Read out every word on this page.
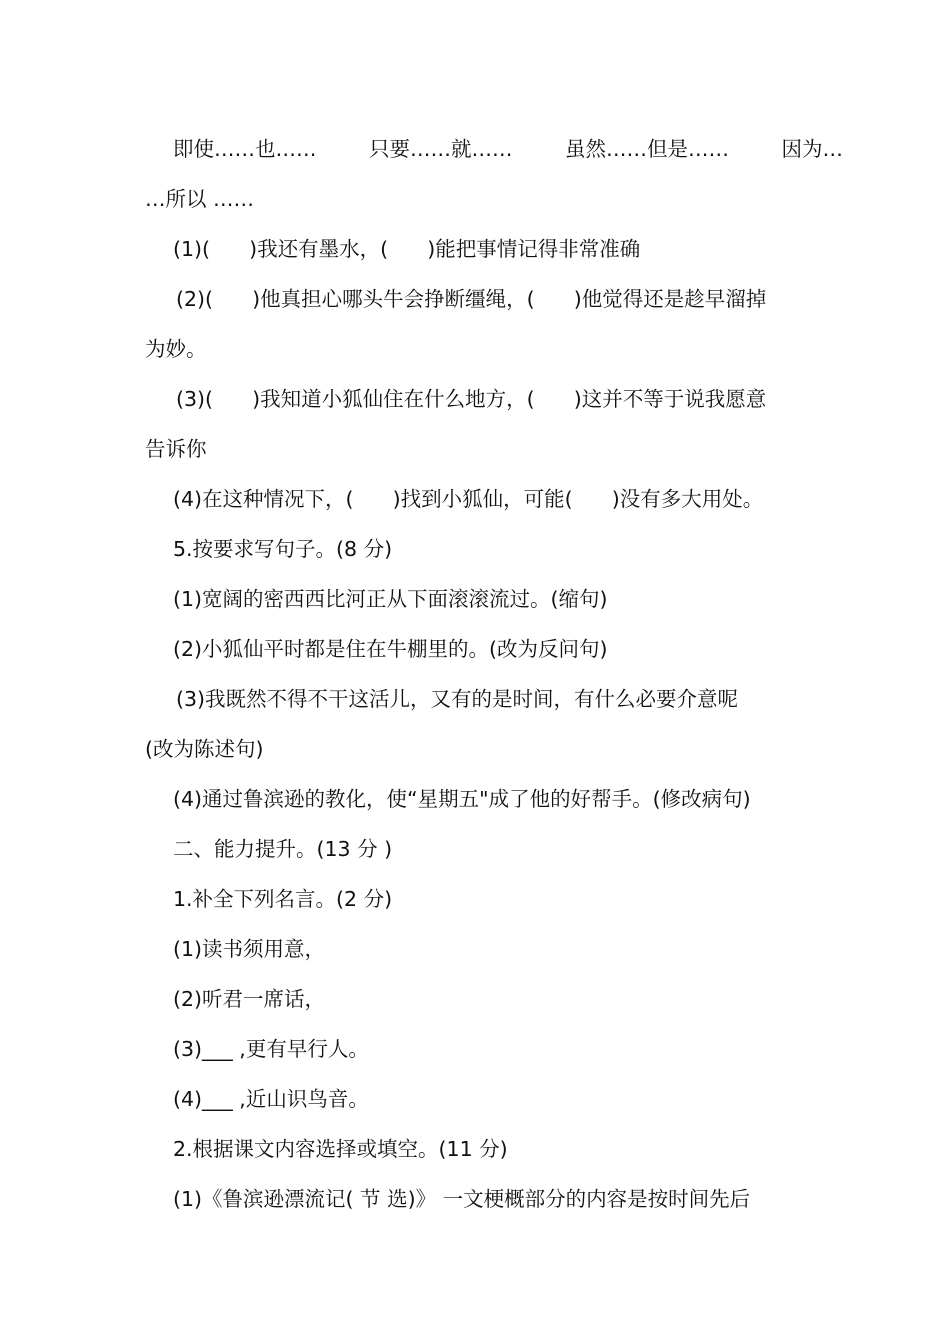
即使……也……	只要……就……	虽然……但是……	因为…
…所以 ……
(1)(      )我还有墨水，(      )能把事情记得非常准确
(2)(      )他真担心哪头牛会挣断缰绳，(      )他觉得还是趁早溜掉
为妙。
(3)(      )我知道小狐仙住在什么地方，(      )这并不等于说我愿意
告诉你
(4)在这种情况下，(      )找到小狐仙，可能(      )没有多大用处。
5.按要求写句子。(8 分)
(1)宽阔的密西西比河正从下面滚滚流过。(缩句)
(2)小狐仙平时都是住在牛棚里的。(改为反问句)
(3)我既然不得不干这活儿，又有的是时间，有什么必要介意呢
(改为陈述句)
(4)通过鲁滨逊的教化，使“星期五"成了他的好帮手。(修改病句)
二、能力提升。(13 分 )
1.补全下列名言。(2 分)
(1)读书须用意，
(2)听君一席话，
(3)___ ,更有早行人。
(4)___ ,近山识鸟音。
2.根据课文内容选择或填空。(11 分)
(1)《鲁滨逊漂流记( 节 选)》 一文梗概部分的内容是按时间先后
